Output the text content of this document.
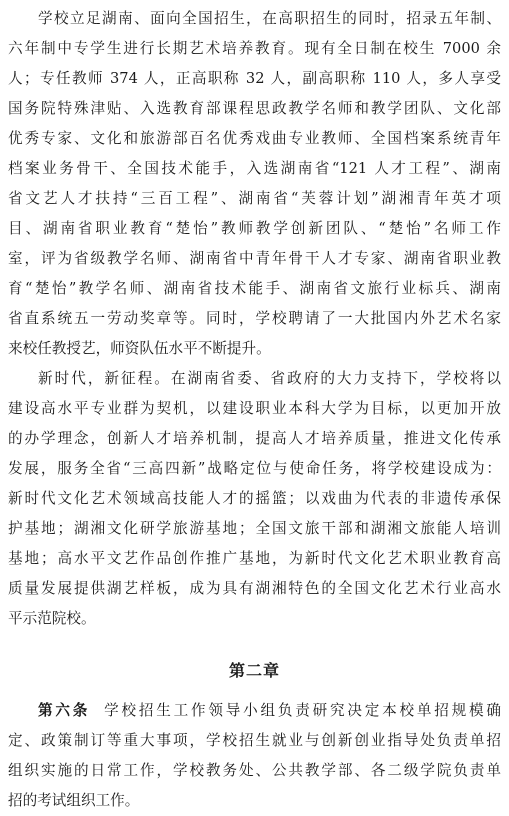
学校立足湖南、面向全国招生，在高职招生的同时，招录五年制、
六年制中专学生进行长期艺术培养教育。现有全日制在校生 7000 余
人；专任教师 374 人，正高职称 32 人，副高职称 110 人，多人享受
国务院特殊津贴、入选教育部课程思政教学名师和教学团队、文化部
优秀专家、文化和旅游部百名优秀戏曲专业教师、全国档案系统青年
档案业务骨干、全国技术能手，入选湖南省“121 人才工程”、湖南
省文艺人才扶持“三百工程”、湖南省“芙蓉计划”湖湘青年英才项
目、湖南省职业教育“楚怡”教师教学创新团队、“楚怡”名师工作
室，评为省级教学名师、湖南省中青年骨干人才专家、湖南省职业教
育“楚怡”教学名师、湖南省技术能手、湖南省文旅行业标兵、湖南
省直系统五一劳动奖章等。同时，学校聘请了一大批国内外艺术名家
来校任教授艺，师资队伍水平不断提升。
新时代，新征程。在湖南省委、省政府的大力支持下，学校将以
建设高水平专业群为契机，以建设职业本科大学为目标，以更加开放
的办学理念，创新人才培养机制，提高人才培养质量，推进文化传承
发展，服务全省“三高四新”战略定位与使命任务，将学校建设成为：
新时代文化艺术领域高技能人才的摇篮；以戏曲为代表的非遗传承保
护基地；湖湘文化研学旅游基地；全国文旅干部和湖湘文旅能人培训
基地；高水平文艺作品创作推广基地，为新时代文化艺术职业教育高
质量发展提供湖艺样板，成为具有湖湘特色的全国文化艺术行业高水
平示范院校。
第二章
第六条 学校招生工作领导小组负责研究决定本校单招规模确
定、政策制订等重大事项，学校招生就业与创新创业指导处负责单招
组织实施的日常工作，学校教务处、公共教学部、各二级学院负责单
招的考试组织工作。
